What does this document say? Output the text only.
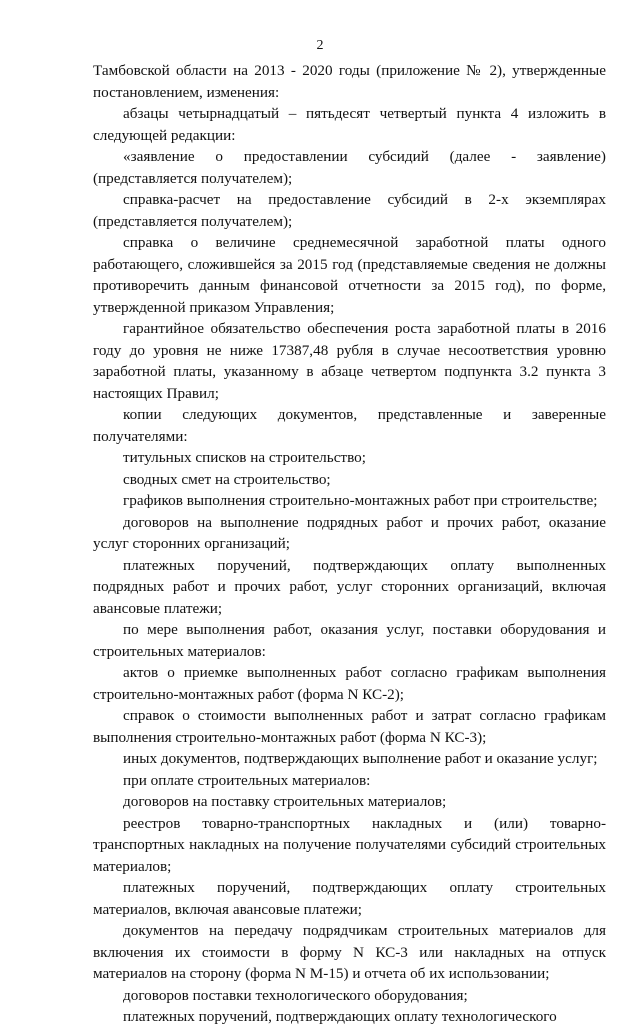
2

Тамбовской области на 2013 - 2020 годы (приложение № 2), утвержденные постановлением, изменения:

абзацы четырнадцатый – пятьдесят четвертый пункта 4 изложить в следующей редакции:

«заявление о предоставлении субсидий (далее - заявление) (представляется получателем);

справка-расчет на предоставление субсидий в 2-х экземплярах (представляется получателем);

справка о величине среднемесячной заработной платы одного работающего, сложившейся за 2015 год (представляемые сведения не должны противоречить данным финансовой отчетности за 2015 год), по форме, утвержденной приказом Управления;

гарантийное обязательство обеспечения роста заработной платы в 2016 году до уровня не ниже 17387,48 рубля в случае несоответствия уровню заработной платы, указанному в абзаце четвертом подпункта 3.2 пункта 3 настоящих Правил;

копии следующих документов, представленные и заверенные получателями:

титульных списков на строительство;

сводных смет на строительство;

графиков выполнения строительно-монтажных работ при строительстве;

договоров на выполнение подрядных работ и прочих работ, оказание услуг сторонних организаций;

платежных поручений, подтверждающих оплату выполненных подрядных работ и прочих работ, услуг сторонних организаций, включая авансовые платежи;

по мере выполнения работ, оказания услуг, поставки оборудования и строительных материалов:

актов о приемке выполненных работ согласно графикам выполнения строительно-монтажных работ (форма N КС-2);

справок о стоимости выполненных работ и затрат согласно графикам выполнения строительно-монтажных работ (форма N КС-3);

иных документов, подтверждающих выполнение работ и оказание услуг;

при оплате строительных материалов:

договоров на поставку строительных материалов;

реестров товарно-транспортных накладных и (или) товарно-транспортных накладных на получение получателями субсидий строительных материалов;

платежных поручений, подтверждающих оплату строительных материалов, включая авансовые платежи;

документов на передачу подрядчикам строительных материалов для включения их стоимости в форму N КС-3 или накладных на отпуск материалов на сторону (форма N М-15) и отчета об их использовании;

договоров поставки технологического оборудования;

платежных поручений, подтверждающих оплату технологического
